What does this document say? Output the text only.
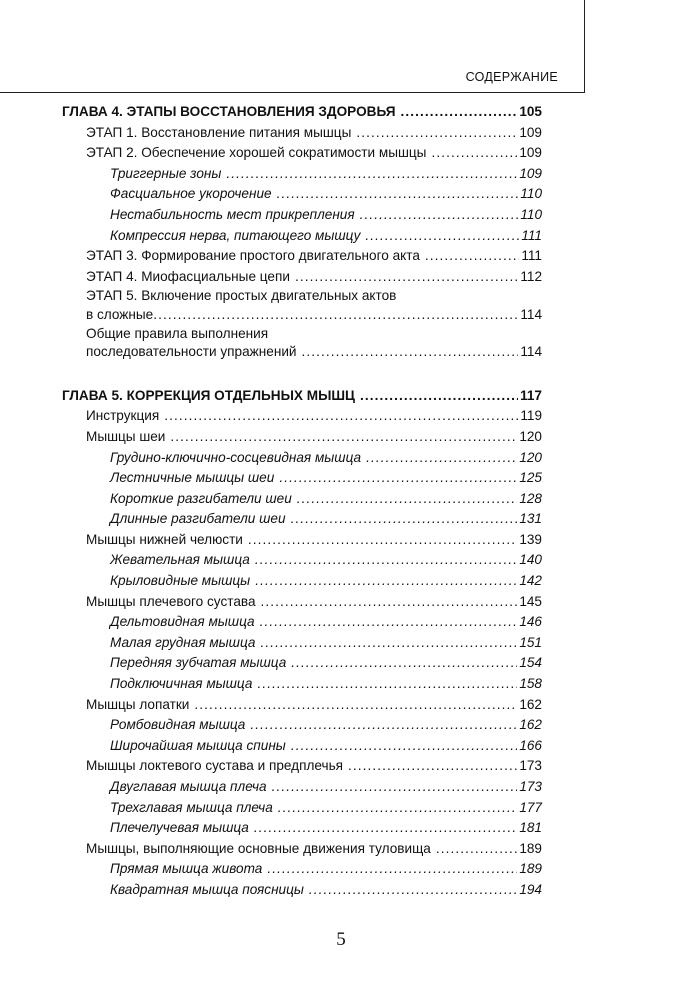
СОДЕРЖАНИЕ
ГЛАВА 4. ЭТАПЫ ВОССТАНОВЛЕНИЯ ЗДОРОВЬЯ .....	105
ЭТАП 1. Восстановление питания мышцы .....	109
ЭТАП 2. Обеспечение хорошей сократимости мышцы .....	109
Триггерные зоны .....	109
Фасциальное укорочение .....	110
Нестабильность мест прикрепления .....	110
Компрессия нерва, питающего мышцу .....	111
ЭТАП 3. Формирование простого двигательного акта .....	111
ЭТАП 4. Миофасциальные цепи .....	112
ЭТАП 5. Включение простых двигательных актов
в сложные .....	114
Общие правила выполнения
последовательности упражнений .....	114
ГЛАВА 5. КОРРЕКЦИЯ ОТДЕЛЬНЫХ МЫШЦ .....	117
Инструкция .....	119
Мышцы шеи .....	120
Грудино-ключично-сосцевидная мышца .....	120
Лестничные мышцы шеи .....	125
Короткие разгибатели шеи .....	128
Длинные разгибатели шеи .....	131
Мышцы нижней челюсти .....	139
Жевательная мышца .....	140
Крыловидные мышцы .....	142
Мышцы плечевого сустава .....	145
Дельтовидная мышца .....	146
Малая грудная мышца .....	151
Передняя зубчатая мышца .....	154
Подключичная мышца .....	158
Мышцы лопатки .....	162
Ромбовидная мышца .....	162
Широчайшая мышца спины .....	166
Мышцы локтевого сустава и предплечья .....	173
Двуглавая мышца плеча .....	173
Трехглавая мышца плеча .....	177
Плечелучевая мышца .....	181
Мышцы, выполняющие основные движения туловища .....	189
Прямая мышца живота .....	189
Квадратная мышца поясницы .....	194
5
